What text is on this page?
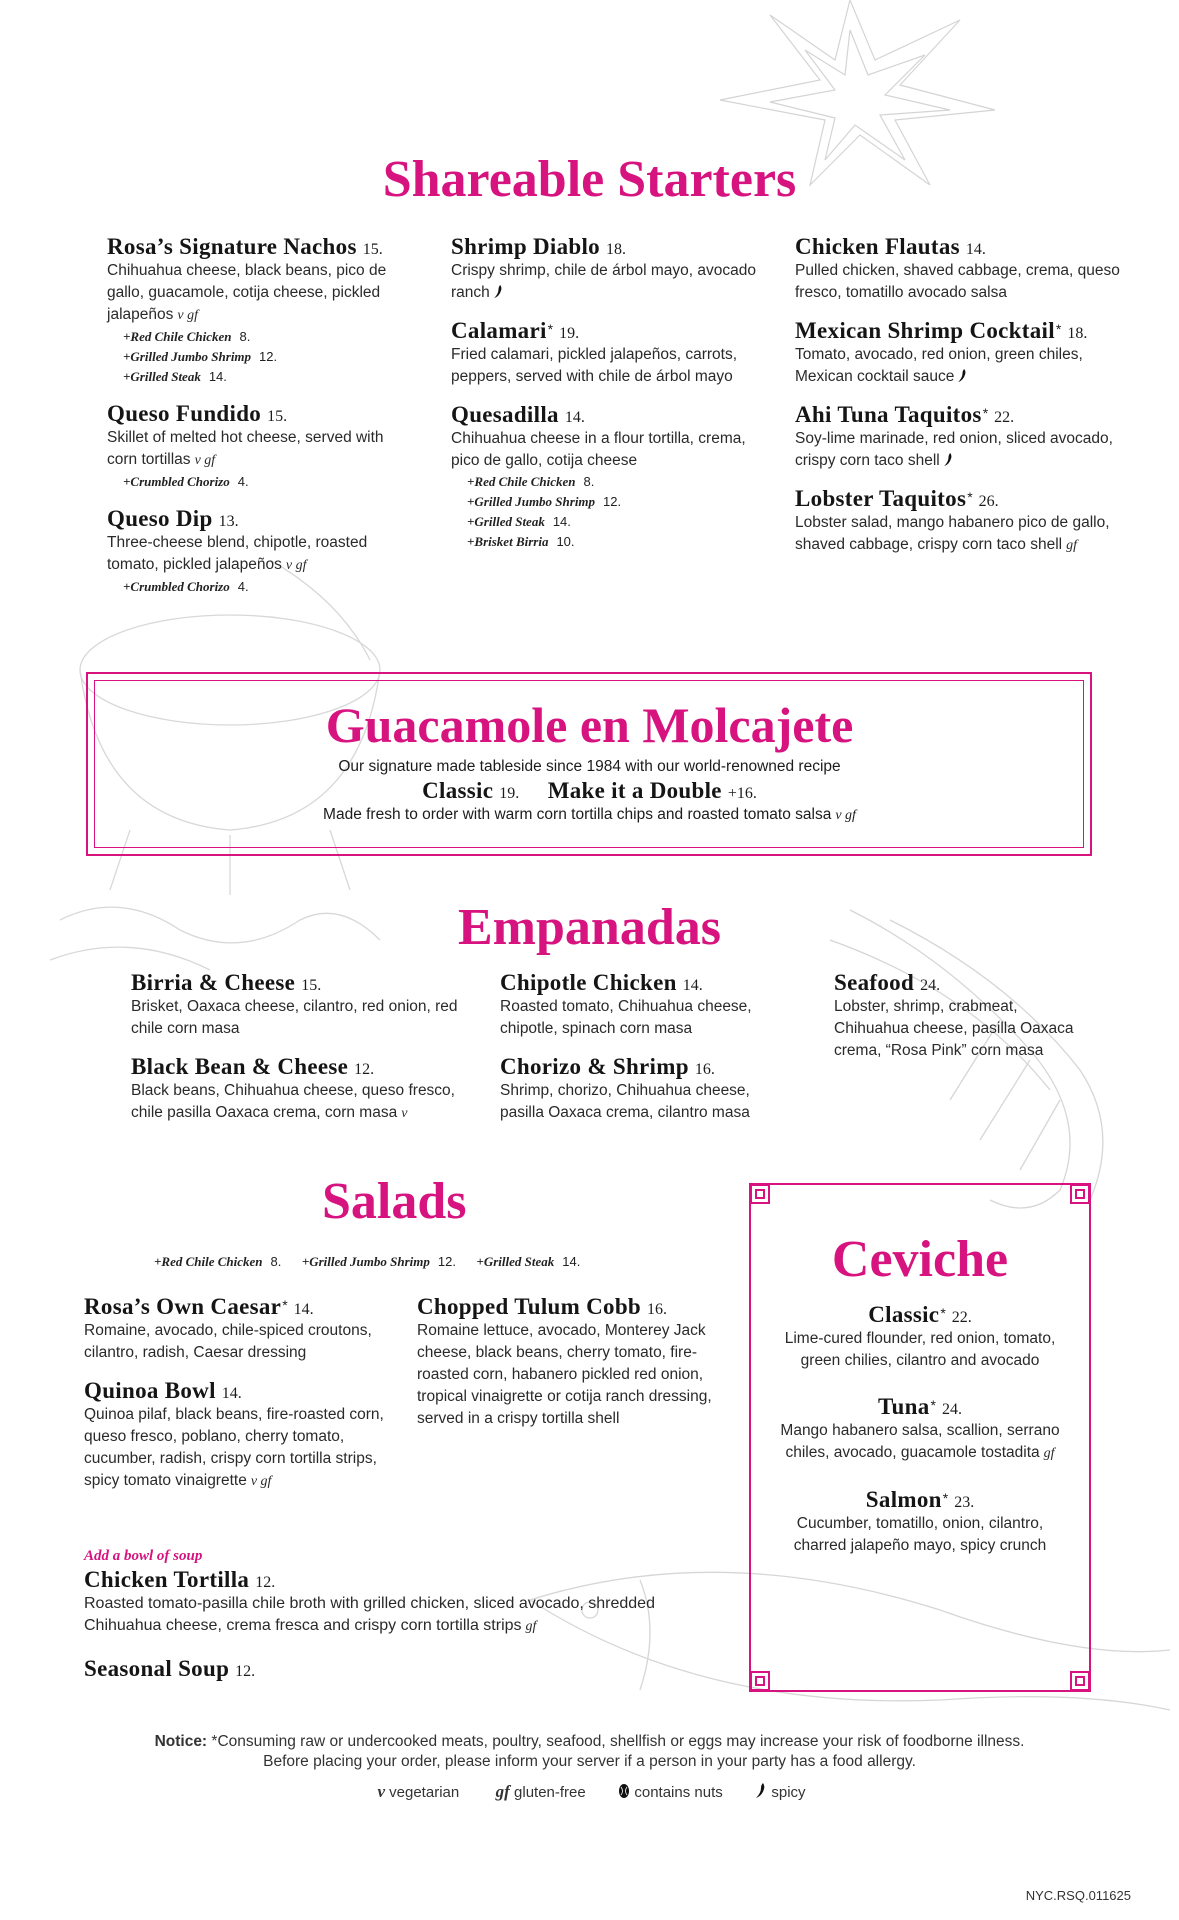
Shareable Starters
Rosa’s Signature Nachos 15.
Chihuahua cheese, black beans, pico de gallo, guacamole, cotija cheese, pickled jalapeños v gf
+Red Chile Chicken 8.
+Grilled Jumbo Shrimp 12.
+Grilled Steak 14.
Queso Fundido 15.
Skillet of melted hot cheese, served with corn tortillas v gf
+Crumbled Chorizo 4.
Queso Dip 13.
Three-cheese blend, chipotle, roasted tomato, pickled jalapeños v gf
+Crumbled Chorizo 4.
Shrimp Diablo 18.
Crispy shrimp, chile de árbol mayo, avocado ranch
Calamari* 19.
Fried calamari, pickled jalapeños, carrots, peppers, served with chile de árbol mayo
Quesadilla 14.
Chihuahua cheese in a flour tortilla, crema, pico de gallo, cotija cheese
+Red Chile Chicken 8.
+Grilled Jumbo Shrimp 12.
+Grilled Steak 14.
+Brisket Birria 10.
Chicken Flautas 14.
Pulled chicken, shaved cabbage, crema, queso fresco, tomatillo avocado salsa
Mexican Shrimp Cocktail* 18.
Tomato, avocado, red onion, green chiles, Mexican cocktail sauce
Ahi Tuna Taquitos* 22.
Soy-lime marinade, red onion, sliced avocado, crispy corn taco shell
Lobster Taquitos* 26.
Lobster salad, mango habanero pico de gallo, shaved cabbage, crispy corn taco shell gf
Guacamole en Molcajete
Our signature made tableside since 1984 with our world-renowned recipe
Classic 19. Make it a Double +16.
Made fresh to order with warm corn tortilla chips and roasted tomato salsa v gf
Empanadas
Birria & Cheese 15.
Brisket, Oaxaca cheese, cilantro, red onion, red chile corn masa
Black Bean & Cheese 12.
Black beans, Chihuahua cheese, queso fresco, chile pasilla Oaxaca crema, corn masa v
Chipotle Chicken 14.
Roasted tomato, Chihuahua cheese, chipotle, spinach corn masa
Chorizo & Shrimp 16.
Shrimp, chorizo, Chihuahua cheese, pasilla Oaxaca crema, cilantro masa
Seafood 24.
Lobster, shrimp, crabmeat, Chihuahua cheese, pasilla Oaxaca crema, “Rosa Pink” corn masa
Salads
+Red Chile Chicken 8. +Grilled Jumbo Shrimp 12. +Grilled Steak 14.
Rosa’s Own Caesar* 14.
Romaine, avocado, chile-spiced croutons, cilantro, radish, Caesar dressing
Quinoa Bowl 14.
Quinoa pilaf, black beans, fire-roasted corn, queso fresco, poblano, cherry tomato, cucumber, radish, crispy corn tortilla strips, spicy tomato vinaigrette v gf
Chopped Tulum Cobb 16.
Romaine lettuce, avocado, Monterey Jack cheese, black beans, cherry tomato, fire-roasted corn, habanero pickled red onion, tropical vinaigrette or cotija ranch dressing, served in a crispy tortilla shell
Add a bowl of soup
Chicken Tortilla 12.
Roasted tomato-pasilla chile broth with grilled chicken, sliced avocado, shredded Chihuahua cheese, crema fresca and crispy corn tortilla strips gf
Seasonal Soup 12.
Ceviche
Classic* 22.
Lime-cured flounder, red onion, tomato, green chilies, cilantro and avocado
Tuna* 24.
Mango habanero salsa, scallion, serrano chiles, avocado, guacamole tostadita gf
Salmon* 23.
Cucumber, tomatillo, onion, cilantro, charred jalapeño mayo, spicy crunch
Notice: *Consuming raw or undercooked meats, poultry, seafood, shellfish or eggs may increase your risk of foodborne illness.
Before placing your order, please inform your server if a person in your party has a food allergy.
v vegetarian gf gluten-free	contains nuts	spicy
NYC.RSQ.011625
